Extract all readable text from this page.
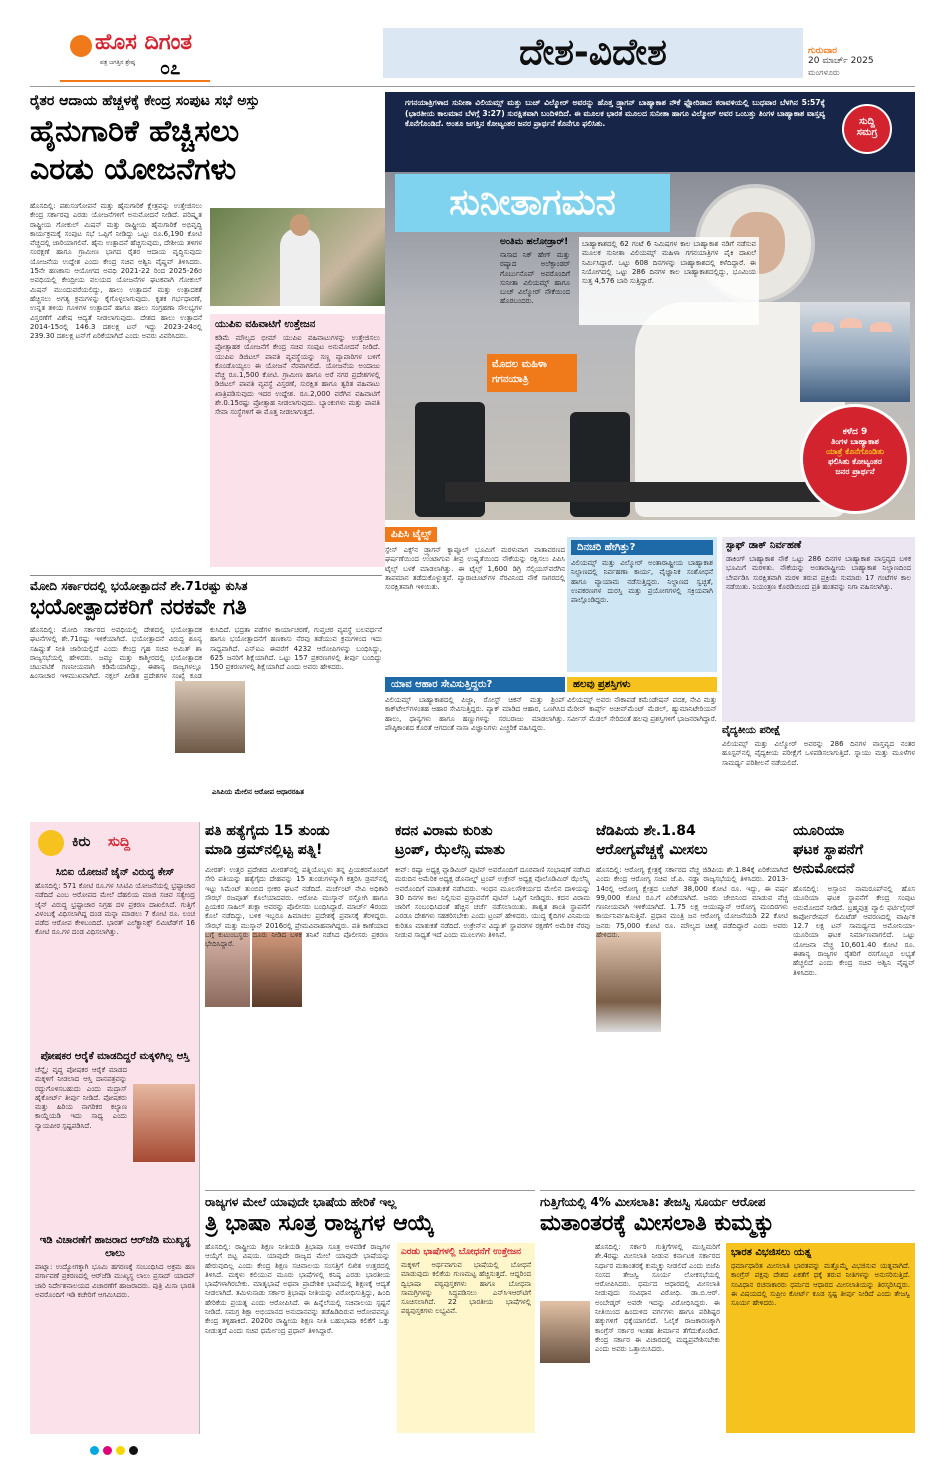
ಹೊಸ ದಿಗಂತ
ಪತ್ರ ಜಗತ್ತಿನ ಶ್ರೇಷ್ಠ ೦೭	ದೇಶ-ವಿದೇಶ	ಗುರುವಾರ
20 ಮಾರ್ಚ್ 2025
ಮಂಗಳೂರು
ರೈತರ ಆದಾಯ ಹೆಚ್ಚಳಕ್ಕೆ ಕೇಂದ್ರ ಸಂಪುಟ ಸಭೆ ಅಸ್ತು
ಹೈನುಗಾರಿಕೆ ಹೆಚ್ಚಿಸಲು
ಎರಡು ಯೋಜನೆಗಳು
ಹೊಸದಿಲ್ಲಿ: ಪಶುಸಂಗೋಪನೆ ಮತ್ತು ಹೈನುಗಾರಿಕೆ ಕ್ಷೇತ್ರವನ್ನು ಉತ್ತೇಜಿಸಲು ಕೇಂದ್ರ ಸರ್ಕಾರವು ಎರಡು ಯೋಜನೆಗಳಿಗೆ ಅನುಮೋದನೆ ನೀಡಿದೆ. ಪರಿಷ್ಕೃತ ರಾಷ್ಟ್ರೀಯ ಗೋಕುಲ್ ಮಿಷನ್ ಮತ್ತು ರಾಷ್ಟ್ರೀಯ ಹೈನುಗಾರಿಕೆ ಅಭಿವೃದ್ಧಿ ಕಾರ್ಯಕ್ರಮಕ್ಕೆ ಸಂಪುಟ ಸಭೆ ಒಪ್ಪಿಗೆ ನೀಡಿದ್ದು ಒಟ್ಟು ರೂ.6,190 ಕೋಟಿ ವೆಚ್ಚದಲ್ಲಿ ಜಾರಿಯಾಗಲಿವೆ. ಹೈನು ಉತ್ಪಾದನೆ ಹೆಚ್ಚಿಸುವುದು, ದೇಶೀಯ ತಳಿಗಳ ಸಂರಕ್ಷಣೆ ಹಾಗೂ ಗ್ರಾಮೀಣ ಭಾಗದ ರೈತರ ಆದಾಯ ವೃದ್ಧಿಸುವುದು ಯೋಜನೆಯ ಉದ್ದೇಶ ಎಂದು ಕೇಂದ್ರ ಸಚಿವ ಅಶ್ವಿನಿ ವೈಷ್ಣವ್ ತಿಳಿಸಿದರು. 15ನೇ ಹಣಕಾಸು ಆಯೋಗದ ಅವಧಿ 2021-22 ರಿಂದ 2025-26ರ ಅವಧಿಯಲ್ಲಿ ಕೇಂದ್ರೀಯ ವಲಯದ ಯೋಜನೆಗಳ ಘಟಕವಾಗಿ ಗೋಕುಲ್ ಮಿಷನ್ ಮುಂದುವರೆಯಲಿದ್ದು, ಹಾಲು ಉತ್ಪಾದನೆ ಮತ್ತು ಉತ್ಪಾದಕತೆ ಹೆಚ್ಚಿಸಲು ಅಗತ್ಯ ಕ್ರಮಗಳನ್ನು ಕೈಗೊಳ್ಳಲಾಗುವುದು. ಕೃತಕ ಗರ್ಭಧಾರಣೆ, ಉನ್ನತ ತಳಿಯ ಗೂಳಿಗಳ ಉತ್ಪಾದನೆ ಹಾಗೂ ಹಾಲು ಸಂಗ್ರಹಣಾ ಸೌಲಭ್ಯಗಳ ವಿಸ್ತರಣೆಗೆ ವಿಶೇಷ ಆದ್ಯತೆ ನೀಡಲಾಗುವುದು. ದೇಶದ ಹಾಲು ಉತ್ಪಾದನೆ 2014-15ರಲ್ಲಿ 146.3 ದಶಲಕ್ಷ ಟನ್ ಇದ್ದು 2023-24ರಲ್ಲಿ 239.30 ದಶಲಕ್ಷ ಟನ್‌ಗೆ ಏರಿಕೆಯಾಗಿದೆ ಎಂದು ಅವರು ವಿವರಿಸಿದರು.
ಯುಪಿಐ ವಹಿವಾಟಿಗೆ ಉತ್ತೇಜನ
ಕಡಿಮೆ ಮೌಲ್ಯದ ಭೀಮ್ ಯುಪಿಐ ವಹಿವಾಟುಗಳನ್ನು ಉತ್ತೇಜಿಸಲು ಪ್ರೋತ್ಸಾಹಕ ಯೋಜನೆಗೆ ಕೇಂದ್ರ ಸಚಿವ ಸಂಪುಟ ಅನುಮೋದನೆ ನೀಡಿದೆ. ಯುಪಿಐ ಡಿಜಿಟಲ್ ಪಾವತಿ ವ್ಯವಸ್ಥೆಯನ್ನು ಸಣ್ಣ ವ್ಯಾಪಾರಿಗಳ ಬಳಿಗೆ ಕೊಂಡೊಯ್ಯಲು ಈ ಯೋಜನೆ ನೆರವಾಗಲಿದೆ. ಯೋಜನೆಯ ಅಂದಾಜು ವೆಚ್ಚ ರೂ.1,500 ಕೋಟಿ. ಗ್ರಾಮೀಣ ಹಾಗೂ ಅರೆ ನಗರ ಪ್ರದೇಶಗಳಲ್ಲಿ ಡಿಜಿಟಲ್ ಪಾವತಿ ವ್ಯವಸ್ಥೆ ವಿಸ್ತರಣೆ, ಸುರಕ್ಷಿತ ಹಾಗೂ ತ್ವರಿತ ವಹಿವಾಟು ಖಾತ್ರಿಪಡಿಸುವುದು ಇದರ ಉದ್ದೇಶ. ರೂ.2,000 ವರೆಗಿನ ವಹಿವಾಟಿಗೆ ಶೇ.0.15ರಷ್ಟು ಪ್ರೋತ್ಸಾಹ ನೀಡಲಾಗುವುದು. ಬ್ಯಾಂಕುಗಳು ಮತ್ತು ಪಾವತಿ ಸೇವಾ ಸಂಸ್ಥೆಗಳಿಗೆ ಈ ಮೊತ್ತ ನೀಡಲಾಗುತ್ತದೆ.
ಗಗನಯಾತ್ರಿಗಳಾದ ಸುನೀತಾ ವಿಲಿಯಮ್ಸ್ ಮತ್ತು ಬುಚ್ ವಿಲ್ಮೋರ್ ಅವರನ್ನು ಹೊತ್ತ ಡ್ರ್ಯಾಗನ್ ಬಾಹ್ಯಾಕಾಶ ನೌಕೆ ಫ್ಲೋರಿಡಾದ ಕರಾವಳಿಯಲ್ಲಿ ಬುಧವಾರ ಬೆಳಗಿನ 5:57ಕ್ಕೆ (ಭಾರತೀಯ ಕಾಲಮಾನ ಬೆಳಗ್ಗೆ 3:27) ಸುರಕ್ಷಿತವಾಗಿ ಬಂದಿಳಿದಿದೆ. ಈ ಮೂಲಕ ಭಾರತ ಮೂಲದ ಸುನೀತಾ ಹಾಗೂ ವಿಲ್ಮೋರ್ ಅವರ ಒಂಬತ್ತು ತಿಂಗಳ ಬಾಹ್ಯಾಕಾಶ ವಾಸ್ತವ್ಯ ಕೊನೆಗೊಂಡಿದೆ. ಅಂತೂ ಜಗತ್ತಿನ ಕೋಟ್ಯಂತರ ಜನರ ಪ್ರಾರ್ಥನೆ ಕೊನೆಗೂ ಫಲಿಸಿತು.	ಸುದ್ದಿ
ಸಮಗ್ರ
ಸುನೀತಾಗಮನ
ಅಂತಿಮ ಹಲೋಡ್ರಾರ್!
ನಾಸಾದ ನಿಕ್ ಹೇಗ್ ಮತ್ತು ರಷ್ಯಾದ ಅಲೆಕ್ಸಾಂಡರ್ ಗೊರ್ಬುನೊವ್ ಅವರೊಂದಿಗೆ ಸುನೀತಾ ವಿಲಿಯಮ್ಸ್ ಹಾಗೂ ಬುಚ್ ವಿಲ್ಮೋರ್ ನೌಕೆಯಿಂದ ಹೊರಬಂದರು.
ಬಾಹ್ಯಾಕಾಶದಲ್ಲಿ 62 ಗಂಟೆ 6 ನಿಮಿಷಗಳ ಕಾಲ ಬಾಹ್ಯಾಕಾಶ ನಡಿಗೆ ನಡೆಸುವ ಮೂಲಕ ಸುನೀತಾ ವಿಲಿಯಮ್ಸ್ ಮಹಿಳಾ ಗಗನಯಾತ್ರಿಗಳ ಪೈಕಿ ದಾಖಲೆ ನಿರ್ಮಿಸಿದ್ದಾರೆ. ಒಟ್ಟು 608 ದಿನಗಳನ್ನು ಬಾಹ್ಯಾಕಾಶದಲ್ಲಿ ಕಳೆದಿದ್ದಾರೆ. ಈ ನಿಯೋಗದಲ್ಲಿ ಒಟ್ಟು 286 ದಿನಗಳ ಕಾಲ ಬಾಹ್ಯಾಕಾಶದಲ್ಲಿದ್ದು, ಭೂಮಿಯ ಸುತ್ತ 4,576 ಬಾರಿ ಸುತ್ತಿದ್ದಾರೆ.
ಮೊದಲ ಮಹಿಳಾ ಗಗನಯಾತ್ರಿ
ಕಳೆದ 9
ತಿಂಗಳ ಬಾಹ್ಯಾಕಾಶ
ಯಾತ್ರೆ ಕೊನೆಗೊಂಡಿತು
ಫಲಿಸಿತು ಕೋಟ್ಯಂತರ
ಜನರ ಪ್ರಾರ್ಥನೆ
ಪಿಪಿಸಿ ಟೈಲ್ಸ್
ಸ್ಪೇಸ್ ಎಕ್ಸ್‌ನ ಡ್ರ್ಯಾಗನ್ ಕ್ಯಾಪ್ಸೂಲ್ ಭೂಮಿಗೆ ಮರಳುವಾಗ ವಾತಾವರಣದ ಘರ್ಷಣೆಯಿಂದ ಉಂಟಾಗುವ ತೀವ್ರ ಉಷ್ಣತೆಯಿಂದ ನೌಕೆಯನ್ನು ರಕ್ಷಿಸಲು ಪಿಪಿಸಿ ಟೈಲ್ಸ್ ಬಳಕೆ ಮಾಡಲಾಗಿತ್ತು. ಈ ಟೈಲ್ಸ್ 1,600 ಡಿಗ್ರಿ ಸೆಲ್ಸಿಯಸ್‌ವರೆಗಿನ ತಾಪಮಾನ ತಡೆದುಕೊಳ್ಳುತ್ತವೆ. ಪ್ಯಾರಾಚೂಟ್‌ಗಳ ನೆರವಿನಿಂದ ನೌಕೆ ಸಾಗರದಲ್ಲಿ ಸುರಕ್ಷಿತವಾಗಿ ಇಳಿಯಿತು.
ಯಾವ ಆಹಾರ ಸೇವಿಸುತ್ತಿದ್ದರು?
ವಿಲಿಯಮ್ಸ್ ಬಾಹ್ಯಾಕಾಶದಲ್ಲಿ ಪಿಜ್ಜಾ, ರೋಸ್ಟ್ ಚಿಕನ್ ಮತ್ತು ಶ್ರಿಂಪ್ ಕಾಕ್‌ಟೇಲ್‌ಗಳಂತಹ ಆಹಾರ ಸೇವಿಸುತ್ತಿದ್ದರು. ಪ್ಯಾಕ್ ಮಾಡಿದ ಆಹಾರ, ಒಣಗಿಸಿದ ಹಾಲು, ಧಾನ್ಯಗಳು ಹಾಗೂ ಹಣ್ಣುಗಳನ್ನು ಸರಬರಾಜು ಮಾಡಲಾಗಿತ್ತು. ಪೌಷ್ಠಿಕಾಂಶದ ಕೊರತೆ ಆಗದಂತೆ ನಾಸಾ ವಿಜ್ಞಾನಿಗಳು ಎಚ್ಚರಿಕೆ ವಹಿಸಿದ್ದರು.
ದಿನಚರಿ ಹೇಗಿತ್ತು?
ವಿಲಿಯಮ್ಸ್ ಮತ್ತು ವಿಲ್ಮೋರ್ ಅಂತಾರಾಷ್ಟ್ರೀಯ ಬಾಹ್ಯಾಕಾಶ ನಿಲ್ದಾಣದಲ್ಲಿ ನಿರ್ವಹಣಾ ಕಾರ್ಯ, ವೈಜ್ಞಾನಿಕ ಸಂಶೋಧನೆ ಹಾಗೂ ವ್ಯಾಯಾಮ ನಡೆಸುತ್ತಿದ್ದರು. ನಿಲ್ದಾಣದ ಸ್ವಚ್ಛತೆ, ಉಪಕರಣಗಳ ದುರಸ್ತಿ ಮತ್ತು ಪ್ರಯೋಗಗಳಲ್ಲಿ ಸಕ್ರಿಯವಾಗಿ ಪಾಲ್ಗೊಂಡಿದ್ದರು.
ಹಲವು ಪ್ರಶಸ್ತಿಗಳು
ವಿಲಿಯಮ್ಸ್ ಅವರು ನೌಕಾಪಡೆ ಕಮೆಂಡೇಷನ್ ಪದಕ, ನೇವಿ ಮತ್ತು ಮೆರೀನ್ ಕಾರ್ಪ್ಸ್ ಅಚೀವ್‌ಮೆಂಟ್ ಮೆಡಲ್, ಹ್ಯುಮಾನಿಟೇರಿಯನ್ ಸರ್ವೀಸ್ ಮೆಡಲ್ ಸೇರಿದಂತೆ ಹಲವು ಪ್ರಶಸ್ತಿಗಳಿಗೆ ಭಾಜನರಾಗಿದ್ದಾರೆ.
ಸ್ಟಾಫ್ ಡಾಕ್ ನಿರ್ವಹಣೆ
ಡಾಕಿಂಗ್ ಬಾಹ್ಯಾಕಾಶ ನೌಕೆ ಒಟ್ಟು 286 ದಿನಗಳ ಬಾಹ್ಯಾಕಾಶ ವಾಸ್ತವ್ಯದ ಬಳಿಕ ಭೂಮಿಗೆ ಮರಳಿತು. ನೌಕೆಯನ್ನು ಅಂತಾರಾಷ್ಟ್ರೀಯ ಬಾಹ್ಯಾಕಾಶ ನಿಲ್ದಾಣದಿಂದ ಬೇರ್ಪಡಿಸಿ ಸುರಕ್ಷಿತವಾಗಿ ಮರಳಿ ತರುವ ಪ್ರಕ್ರಿಯೆ ಸುಮಾರು 17 ಗಂಟೆಗಳ ಕಾಲ ನಡೆಯಿತು. ನಿಯಂತ್ರಣ ಕೊಠಡಿಯಿಂದ ಪ್ರತಿ ಹಂತವನ್ನು ನಿಗಾ ವಹಿಸಲಾಗಿತ್ತು.
ವೈದ್ಯಕೀಯ ಪರೀಕ್ಷೆ
ವಿಲಿಯಮ್ಸ್ ಮತ್ತು ವಿಲ್ಮೋರ್ ಅವರನ್ನು 286 ದಿನಗಳ ವಾಸ್ತವ್ಯದ ನಂತರ ಹೂಸ್ಟನ್‌ನಲ್ಲಿ ವೈದ್ಯಕೀಯ ಪರೀಕ್ಷೆಗೆ ಒಳಪಡಿಸಲಾಗುತ್ತಿದೆ. ಸ್ನಾಯು ಮತ್ತು ಮೂಳೆಗಳ ಸಾಮರ್ಥ್ಯ ಪರಿಶೀಲನೆ ನಡೆಯಲಿದೆ.
ಮೋದಿ ಸರ್ಕಾರದಲ್ಲಿ ಭಯೋತ್ಪಾದನೆ ಶೇ.71ರಷ್ಟು ಕುಸಿತ
ಭಯೋತ್ಪಾದಕರಿಗೆ ನರಕವೇ ಗತಿ
ಹೊಸದಿಲ್ಲಿ: ಮೋದಿ ಸರ್ಕಾರದ ಅವಧಿಯಲ್ಲಿ ದೇಶದಲ್ಲಿ ಭಯೋತ್ಪಾದಕ ಘಟನೆಗಳಲ್ಲಿ ಶೇ.71ರಷ್ಟು ಇಳಿಕೆಯಾಗಿದೆ. ಭಯೋತ್ಪಾದನೆ ವಿರುದ್ಧ ಶೂನ್ಯ ಸಹಿಷ್ಣುತೆ ನೀತಿ ಜಾರಿಯಲ್ಲಿದೆ ಎಂದು ಕೇಂದ್ರ ಗೃಹ ಸಚಿವ ಅಮಿತ್ ಶಾ ರಾಜ್ಯಸಭೆಯಲ್ಲಿ ಹೇಳಿದರು. ಜಮ್ಮು ಮತ್ತು ಕಾಶ್ಮೀರದಲ್ಲಿ ಭಯೋತ್ಪಾದಕ ಚಟುವಟಿಕೆ ಗಣನೀಯವಾಗಿ ಕಡಿಮೆಯಾಗಿದ್ದು, ಈಶಾನ್ಯ ರಾಜ್ಯಗಳಲ್ಲೂ ಹಿಂಸಾಚಾರ ಇಳಿಮುಖವಾಗಿದೆ. ನಕ್ಸಲ್ ಪೀಡಿತ ಪ್ರದೇಶಗಳ ಸಂಖ್ಯೆ ಕೂಡ ಕುಸಿದಿದೆ. ಭದ್ರತಾ ಪಡೆಗಳ ಕಾರ್ಯಾಚರಣೆ, ಗುಪ್ತಚರ ವ್ಯವಸ್ಥೆ ಬಲವರ್ಧನೆ ಹಾಗೂ ಭಯೋತ್ಪಾದನೆಗೆ ಹಣಕಾಸು ನೆರವು ತಡೆಯುವ ಕ್ರಮಗಳಿಂದ ಇದು ಸಾಧ್ಯವಾಗಿದೆ. ಎನ್‌ಐಎ ಈವರೆಗೆ 4232 ಆರೋಪಿಗಳನ್ನು ಬಂಧಿಸಿದ್ದು, 625 ಜನರಿಗೆ ಶಿಕ್ಷೆಯಾಗಿದೆ. ಒಟ್ಟು 157 ಪ್ರಕರಣಗಳಲ್ಲಿ ತೀರ್ಪು ಬಂದಿದ್ದು 150 ಪ್ರಕರಣಗಳಲ್ಲಿ ಶಿಕ್ಷೆಯಾಗಿದೆ ಎಂದು ಅವರು ಹೇಳಿದರು.
ಎಸಿಪಿಯ ಮೇಲಿನ ಆರೋಪ ಆಧಾರರಹಿತ
ಕಿರು ಸುದ್ದಿ
ಸಿಬಿಐ ಯೋಜನೆ ಜೈನ್ ವಿರುದ್ಧ ಕೇಸ್
ಹೊಸದಿಲ್ಲಿ: 571 ಕೋಟಿ ರೂ.ಗಳ ಸಿಸಿಟಿವಿ ಯೋಜನೆಯಲ್ಲಿ ಭ್ರಷ್ಟಾಚಾರ ನಡೆದಿದೆ ಎಂಬ ಆರೋಪದ ಮೇಲೆ ದೆಹಲಿಯ ಮಾಜಿ ಸಚಿವ ಸತ್ಯೇಂದ್ರ ಜೈನ್ ವಿರುದ್ಧ ಭ್ರಷ್ಟಾಚಾರ ನಿಗ್ರಹ ದಳ ಪ್ರಕರಣ ದಾಖಲಿಸಿದೆ. ಗುತ್ತಿಗೆ ವಿಳಂಬಕ್ಕೆ ವಿಧಿಸಲಾಗಿದ್ದ ದಂಡ ಮನ್ನಾ ಮಾಡಲು 7 ಕೋಟಿ ರೂ. ಲಂಚ ಪಡೆದ ಆರೋಪ ಕೇಳಿಬಂದಿದೆ. ಭಾರತ್ ಎಲೆಕ್ಟ್ರಾನಿಕ್ಸ್ ಲಿಮಿಟೆಡ್‌ಗೆ 16 ಕೋಟಿ ರೂ.ಗಳ ದಂಡ ವಿಧಿಸಲಾಗಿತ್ತು.
ಪೋಷಕರ ಆರೈಕೆ ಮಾಡದಿದ್ದರೆ ಮಕ್ಕಳಿಗಿಲ್ಲ ಆಸ್ತಿ
ಚೆನ್ನೈ: ವೃದ್ಧ ಪೋಷಕರ ಆರೈಕೆ ಮಾಡದ ಮಕ್ಕಳಿಗೆ ನೀಡಲಾದ ಆಸ್ತಿ ದಾನಪತ್ರವನ್ನು ರದ್ದುಗೊಳಿಸಬಹುದು ಎಂದು ಮದ್ರಾಸ್ ಹೈಕೋರ್ಟ್ ತೀರ್ಪು ನೀಡಿದೆ. ಪೋಷಕರು ಮತ್ತು ಹಿರಿಯ ನಾಗರಿಕರ ಕಲ್ಯಾಣ ಕಾಯ್ದೆಯಡಿ ಇದು ಸಾಧ್ಯ ಎಂದು ನ್ಯಾಯಪೀಠ ಸ್ಪಷ್ಟಪಡಿಸಿದೆ.
ಇಡಿ ವಿಚಾರಣೆಗೆ ಹಾಜರಾದ ಆರ್‌ಜೆಡಿ ಮುಖ್ಯಸ್ಥ ಲಾಲು
ಪಾಟ್ನಾ: ಉದ್ಯೋಗಕ್ಕಾಗಿ ಭೂಮಿ ಹಗರಣಕ್ಕೆ ಸಂಬಂಧಿಸಿದ ಅಕ್ರಮ ಹಣ ವರ್ಗಾವಣೆ ಪ್ರಕರಣದಲ್ಲಿ ಆರ್‌ಜೆಡಿ ಮುಖ್ಯಸ್ಥ ಲಾಲು ಪ್ರಸಾದ್ ಯಾದವ್ ಜಾರಿ ನಿರ್ದೇಶನಾಲಯದ ವಿಚಾರಣೆಗೆ ಹಾಜರಾದರು. ಪುತ್ರಿ ಮಿಸಾ ಭಾರತಿ ಅವರೊಂದಿಗೆ ಇಡಿ ಕಚೇರಿಗೆ ಆಗಮಿಸಿದರು.
ಪತಿ ಹತ್ಯೆಗೈದು 15 ತುಂಡು
ಮಾಡಿ ಡ್ರಮ್‌ನಲ್ಲಿಟ್ಟ ಪತ್ನಿ!
ಮೀರತ್: ಉತ್ತರ ಪ್ರದೇಶದ ಮೀರತ್‌ನಲ್ಲಿ ಪತ್ನಿಯೊಬ್ಬಳು ತನ್ನ ಪ್ರಿಯಕರನೊಂದಿಗೆ ಸೇರಿ ಪತಿಯನ್ನು ಹತ್ಯೆಗೈದು ದೇಹವನ್ನು 15 ತುಂಡುಗಳನ್ನಾಗಿ ಕತ್ತರಿಸಿ ಡ್ರಮ್‌ನಲ್ಲಿ ಇಟ್ಟು ಸಿಮೆಂಟ್ ತುಂಬಿದ ಭೀಕರ ಘಟನೆ ನಡೆದಿದೆ. ಮರ್ಚೆಂಟ್ ನೇವಿ ಅಧಿಕಾರಿ ಸೌರಭ್ ರಜಪೂತ್ ಕೊಲೆಯಾದವರು. ಆರೋಪಿ ಮುಸ್ಕಾನ್ ರಸ್ತೋಗಿ ಹಾಗೂ ಪ್ರಿಯಕರ ಸಾಹಿಲ್ ಶುಕ್ಲಾ ಅವರನ್ನು ಪೊಲೀಸರು ಬಂಧಿಸಿದ್ದಾರೆ. ಮಾರ್ಚ್ 4ರಂದು ಕೊಲೆ ನಡೆದಿದ್ದು, ಬಳಿಕ ಇಬ್ಬರೂ ಹಿಮಾಚಲ ಪ್ರದೇಶಕ್ಕೆ ಪ್ರವಾಸಕ್ಕೆ ತೆರಳಿದ್ದರು. ಸೌರಭ್ ಮತ್ತು ಮುಸ್ಕಾನ್ 2016ರಲ್ಲಿ ಪ್ರೇಮವಿವಾಹವಾಗಿದ್ದರು. ಪತಿ ಕಾಣೆಯಾದ ಬಗ್ಗೆ ಕುಟುಂಬಸ್ಥರು ದೂರು ನೀಡಿದ ಬಳಿಕ ತನಿಖೆ ನಡೆಸಿದ ಪೊಲೀಸರು ಪ್ರಕರಣ ಭೇದಿಸಿದ್ದಾರೆ.
ಕದನ ವಿರಾಮ ಕುರಿತು
ಟ್ರಂಪ್, ಝೆಲೆನ್ಸಿ ಮಾತು
ಕೀವ್: ರಷ್ಯಾ ಅಧ್ಯಕ್ಷ ವ್ಲಾಡಿಮಿರ್ ಪುಟಿನ್ ಅವರೊಂದಿಗೆ ದೂರವಾಣಿ ಸಂಭಾಷಣೆ ನಡೆಸಿದ ಮರುದಿನ ಅಮೆರಿಕ ಅಧ್ಯಕ್ಷ ಡೊನಾಲ್ಡ್ ಟ್ರಂಪ್ ಉಕ್ರೇನ್ ಅಧ್ಯಕ್ಷ ವೊಲೊಡಿಮಿರ್ ಝೆಲೆನ್ಸ್ಕಿ ಅವರೊಂದಿಗೆ ಮಾತುಕತೆ ನಡೆಸಿದರು. ಇಂಧನ ಮೂಲಸೌಕರ್ಯದ ಮೇಲಿನ ದಾಳಿಯನ್ನು 30 ದಿನಗಳ ಕಾಲ ನಿಲ್ಲಿಸುವ ಪ್ರಸ್ತಾವನೆಗೆ ಪುಟಿನ್ ಒಪ್ಪಿಗೆ ನೀಡಿದ್ದರು. ಕದನ ವಿರಾಮ ಜಾರಿಗೆ ಸಂಬಂಧಿಸಿದಂತೆ ಹೆಚ್ಚಿನ ಚರ್ಚೆ ನಡೆಸಲಾಯಿತು. ಶಾಶ್ವತ ಶಾಂತಿ ಸ್ಥಾಪನೆಗೆ ಎರಡೂ ದೇಶಗಳು ಸಹಕರಿಸಬೇಕು ಎಂದು ಟ್ರಂಪ್ ಹೇಳಿದರು. ಯುದ್ಧ ಕೈದಿಗಳ ವಿನಿಮಯ ಕುರಿತೂ ಮಾತುಕತೆ ನಡೆದಿದೆ. ಉಕ್ರೇನ್‌ನ ವಿದ್ಯುತ್ ಸ್ಥಾವರಗಳ ರಕ್ಷಣೆಗೆ ಅಮೆರಿಕ ನೆರವು ನೀಡುವ ಸಾಧ್ಯತೆ ಇದೆ ಎಂದು ಮೂಲಗಳು ತಿಳಿಸಿವೆ.
ಜೆಡಿಪಿಯ ಶೇ.1.84
ಆರೋಗ್ಯವೆಚ್ಚಕ್ಕೆ ಮೀಸಲು
ಹೊಸದಿಲ್ಲಿ: ಆರೋಗ್ಯ ಕ್ಷೇತ್ರಕ್ಕೆ ಸರ್ಕಾರದ ವೆಚ್ಚ ಜಿಡಿಪಿಯ ಶೇ.1.84ಕ್ಕೆ ಏರಿಕೆಯಾಗಿದೆ ಎಂದು ಕೇಂದ್ರ ಆರೋಗ್ಯ ಸಚಿವ ಜೆ.ಪಿ. ನಡ್ಡಾ ರಾಜ್ಯಸಭೆಯಲ್ಲಿ ತಿಳಿಸಿದರು. 2013-14ರಲ್ಲಿ ಆರೋಗ್ಯ ಕ್ಷೇತ್ರದ ಬಜೆಟ್ 38,000 ಕೋಟಿ ರೂ. ಇದ್ದು, ಈ ವರ್ಷ 99,000 ಕೋಟಿ ರೂ.ಗೆ ಏರಿಕೆಯಾಗಿದೆ. ಜನರು ಜೇಬಿನಿಂದ ಮಾಡುವ ವೆಚ್ಚ ಗಣನೀಯವಾಗಿ ಇಳಿಕೆಯಾಗಿದೆ. 1.75 ಲಕ್ಷ ಆಯುಷ್ಮಾನ್ ಆರೋಗ್ಯ ಮಂದಿರಗಳು ಕಾರ್ಯನಿರ್ವಹಿಸುತ್ತಿವೆ. ಪ್ರಧಾನ ಮಂತ್ರಿ ಜನ ಆರೋಗ್ಯ ಯೋಜನೆಯಡಿ 22 ಕೋಟಿ ಜನರು 75,000 ಕೋಟಿ ರೂ. ಮೌಲ್ಯದ ಚಿಕಿತ್ಸೆ ಪಡೆದಿದ್ದಾರೆ ಎಂದು ಅವರು ಹೇಳಿದರು.
ಯೂರಿಯಾ
ಘಟಕ ಸ್ಥಾಪನೆಗೆ
ಅನುಮೋದನೆ
ಹೊಸದಿಲ್ಲಿ: ಅಸ್ಸಾಂನ ನಾಮರೂಪ್‌ನಲ್ಲಿ ಹೊಸ ಯೂರಿಯಾ ಘಟಕ ಸ್ಥಾಪನೆಗೆ ಕೇಂದ್ರ ಸಂಪುಟ ಅನುಮೋದನೆ ನೀಡಿದೆ. ಬ್ರಹ್ಮಪುತ್ರ ವ್ಯಾಲಿ ಫರ್ಟಿಲೈಸರ್ ಕಾರ್ಪೋರೇಷನ್ ಲಿಮಿಟೆಡ್ ಆವರಣದಲ್ಲಿ ವಾರ್ಷಿಕ 12.7 ಲಕ್ಷ ಟನ್ ಸಾಮರ್ಥ್ಯದ ಅಮೋನಿಯಾ-ಯೂರಿಯಾ ಘಟಕ ನಿರ್ಮಾಣವಾಗಲಿದೆ. ಒಟ್ಟು ಯೋಜನಾ ವೆಚ್ಚ 10,601.40 ಕೋಟಿ ರೂ. ಈಶಾನ್ಯ ರಾಜ್ಯಗಳ ರೈತರಿಗೆ ರಸಗೊಬ್ಬರ ಲಭ್ಯತೆ ಹೆಚ್ಚಲಿದೆ ಎಂದು ಕೇಂದ್ರ ಸಚಿವ ಅಶ್ವಿನಿ ವೈಷ್ಣವ್ ತಿಳಿಸಿದರು.
ರಾಜ್ಯಗಳ ಮೇಲೆ ಯಾವುದೇ ಭಾಷೆಯ ಹೇರಿಕೆ ಇಲ್ಲ
ತ್ರಿ ಭಾಷಾ ಸೂತ್ರ ರಾಜ್ಯಗಳ ಆಯ್ಕೆ
ಹೊಸದಿಲ್ಲಿ: ರಾಷ್ಟ್ರೀಯ ಶಿಕ್ಷಣ ನೀತಿಯಡಿ ತ್ರಿಭಾಷಾ ಸೂತ್ರ ಅಳವಡಿಕೆ ರಾಜ್ಯಗಳ ಆಯ್ಕೆಗೆ ಬಿಟ್ಟ ವಿಷಯ. ಯಾವುದೇ ರಾಜ್ಯದ ಮೇಲೆ ಯಾವುದೇ ಭಾಷೆಯನ್ನು ಹೇರುವುದಿಲ್ಲ ಎಂದು ಕೇಂದ್ರ ಶಿಕ್ಷಣ ಸಚಿವಾಲಯ ಸಂಸತ್ತಿಗೆ ಲಿಖಿತ ಉತ್ತರದಲ್ಲಿ ತಿಳಿಸಿದೆ. ಮಕ್ಕಳು ಕಲಿಯುವ ಮೂರು ಭಾಷೆಗಳಲ್ಲಿ ಕನಿಷ್ಠ ಎರಡು ಭಾರತೀಯ ಭಾಷೆಗಳಾಗಿರಬೇಕು. ಮಾತೃಭಾಷೆ ಅಥವಾ ಪ್ರಾದೇಶಿಕ ಭಾಷೆಯಲ್ಲಿ ಶಿಕ್ಷಣಕ್ಕೆ ಆದ್ಯತೆ ನೀಡಲಾಗಿದೆ. ತಮಿಳುನಾಡು ಸರ್ಕಾರ ತ್ರಿಭಾಷಾ ನೀತಿಯನ್ನು ವಿರೋಧಿಸುತ್ತಿದ್ದು, ಹಿಂದಿ ಹೇರಿಕೆಯ ಪ್ರಯತ್ನ ಎಂದು ಆರೋಪಿಸಿದೆ. ಈ ಹಿನ್ನೆಲೆಯಲ್ಲಿ ಸಚಿವಾಲಯ ಸ್ಪಷ್ಟನೆ ನೀಡಿದೆ. ಸಮಗ್ರ ಶಿಕ್ಷಾ ಅಭಿಯಾನದ ಅನುದಾನವನ್ನು ತಡೆಹಿಡಿದಿರುವ ಆರೋಪವನ್ನೂ ಕೇಂದ್ರ ತಳ್ಳಿಹಾಕಿದೆ. 2020ರ ರಾಷ್ಟ್ರೀಯ ಶಿಕ್ಷಣ ನೀತಿ ಬಹುಭಾಷಾ ಕಲಿಕೆಗೆ ಒತ್ತು ನೀಡುತ್ತದೆ ಎಂದು ಸಚಿವ ಧರ್ಮೇಂದ್ರ ಪ್ರಧಾನ್ ತಿಳಿಸಿದ್ದಾರೆ.
ಎರಡು ಭಾಷೆಗಳಲ್ಲಿ ಬೋಧನೆಗೆ ಉತ್ತೇಜನ
ಮಕ್ಕಳಿಗೆ ಅರ್ಥವಾಗುವ ಭಾಷೆಯಲ್ಲಿ ಬೋಧನೆ ಮಾಡುವುದು ಕಲಿಕೆಯ ಗುಣಮಟ್ಟ ಹೆಚ್ಚಿಸುತ್ತದೆ. ಆದ್ದರಿಂದ ದ್ವಿಭಾಷಾ ಪಠ್ಯಪುಸ್ತಕಗಳು ಹಾಗೂ ಬೋಧನಾ ಸಾಮಗ್ರಿಗಳನ್ನು ಸಿದ್ಧಪಡಿಸಲು ಎನ್‌ಸಿಇಆರ್‌ಟಿಗೆ ಸೂಚಿಸಲಾಗಿದೆ. 22 ಭಾರತೀಯ ಭಾಷೆಗಳಲ್ಲಿ ಪಠ್ಯಪುಸ್ತಕಗಳು ಲಭ್ಯವಿವೆ.
ಗುತ್ತಿಗೆಯಲ್ಲಿ 4% ಮೀಸಲಾತಿ: ತೇಜಸ್ವಿ ಸೂರ್ಯ ಆರೋಪ
ಮತಾಂತರಕ್ಕೆ ಮೀಸಲಾತಿ ಕುಮ್ಮಕ್ಕು
ಹೊಸದಿಲ್ಲಿ: ಸರ್ಕಾರಿ ಗುತ್ತಿಗೆಗಳಲ್ಲಿ ಮುಸ್ಲಿಮರಿಗೆ ಶೇ.4ರಷ್ಟು ಮೀಸಲಾತಿ ನೀಡುವ ಕರ್ನಾಟಕ ಸರ್ಕಾರದ ನಿರ್ಧಾರ ಮತಾಂತರಕ್ಕೆ ಕುಮ್ಮಕ್ಕು ನೀಡಲಿದೆ ಎಂದು ಬಿಜೆಪಿ ಸಂಸದ ತೇಜಸ್ವಿ ಸೂರ್ಯ ಲೋಕಸಭೆಯಲ್ಲಿ ಆರೋಪಿಸಿದರು. ಧರ್ಮದ ಆಧಾರದಲ್ಲಿ ಮೀಸಲಾತಿ ನೀಡುವುದು ಸಂವಿಧಾನ ವಿರೋಧಿ. ಡಾ.ಬಿ.ಆರ್. ಅಂಬೇಡ್ಕರ್ ಅವರೇ ಇದನ್ನು ವಿರೋಧಿಸಿದ್ದರು. ಈ ನೀತಿಯಿಂದ ಹಿಂದುಳಿದ ವರ್ಗಗಳು ಹಾಗೂ ಪರಿಶಿಷ್ಟರ ಹಕ್ಕುಗಳಿಗೆ ಧಕ್ಕೆಯಾಗಲಿದೆ. ಓಲೈಕೆ ರಾಜಕಾರಣಕ್ಕಾಗಿ ಕಾಂಗ್ರೆಸ್ ಸರ್ಕಾರ ಇಂತಹ ತೀರ್ಮಾನ ತೆಗೆದುಕೊಂಡಿದೆ. ಕೇಂದ್ರ ಸರ್ಕಾರ ಈ ವಿಚಾರದಲ್ಲಿ ಮಧ್ಯಪ್ರವೇಶಿಸಬೇಕು ಎಂದು ಅವರು ಒತ್ತಾಯಿಸಿದರು.
ಭಾರತ ವಿಭಜಿಸಲು ಯತ್ನ
ಧರ್ಮಾಧಾರಿತ ಮೀಸಲಾತಿ ಭಾರತವನ್ನು ಮತ್ತೊಮ್ಮೆ ವಿಭಜಿಸುವ ಯತ್ನವಾಗಿದೆ. ಕಾಂಗ್ರೆಸ್ ಪಕ್ಷವು ದೇಶದ ಏಕತೆಗೆ ಧಕ್ಕೆ ತರುವ ನೀತಿಗಳನ್ನು ಅನುಸರಿಸುತ್ತಿದೆ. ಸಂವಿಧಾನ ರಚನಾಕಾರರು ಧರ್ಮದ ಆಧಾರದ ಮೀಸಲಾತಿಯನ್ನು ತಿರಸ್ಕರಿಸಿದ್ದರು. ಈ ವಿಷಯದಲ್ಲಿ ಸುಪ್ರೀಂ ಕೋರ್ಟ್ ಕೂಡ ಸ್ಪಷ್ಟ ತೀರ್ಪು ನೀಡಿದೆ ಎಂದು ತೇಜಸ್ವಿ ಸೂರ್ಯ ಹೇಳಿದರು.
